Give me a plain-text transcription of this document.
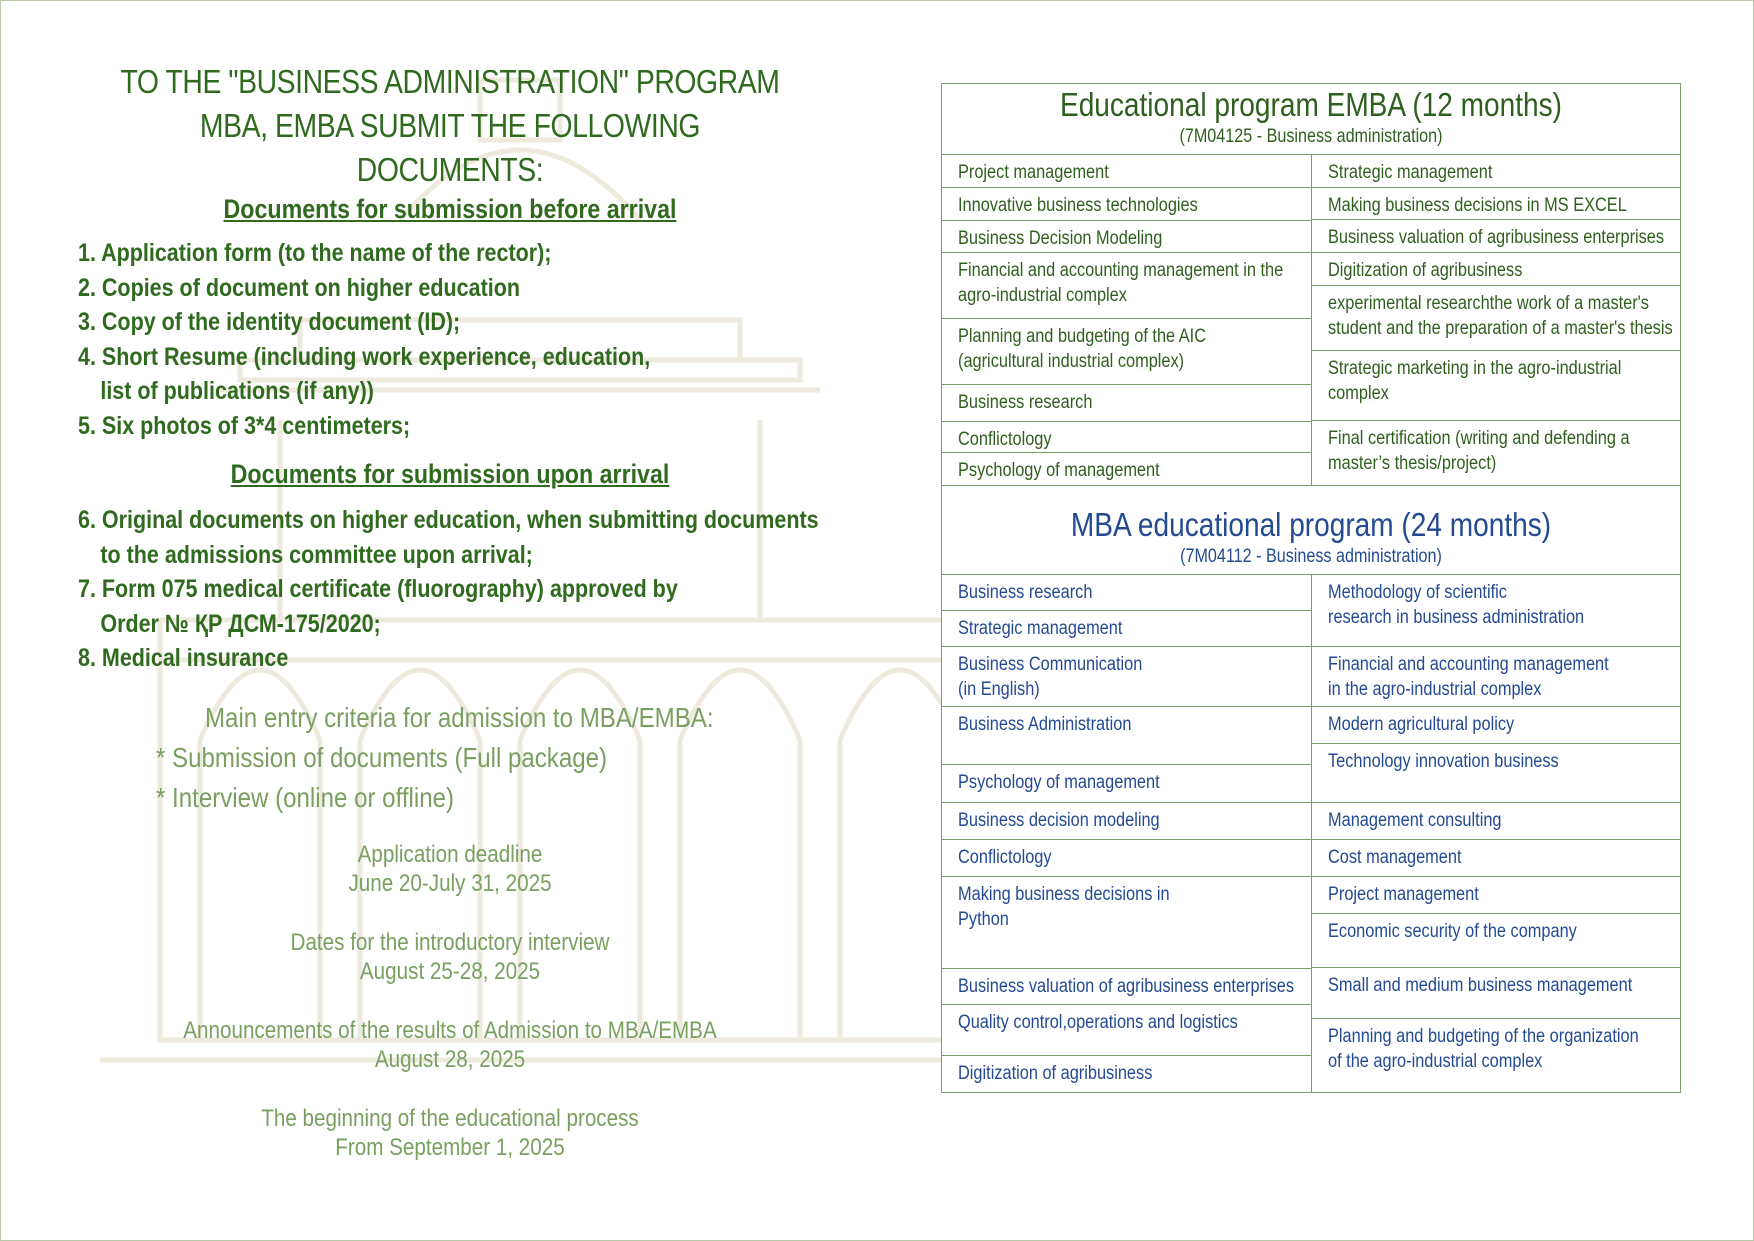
TO THE "BUSINESS ADMINISTRATION" PROGRAM
MBA, EMBA SUBMIT THE FOLLOWING DOCUMENTS:
Documents for submission before arrival
1. Application form (to the name of the rector);
2. Copies of document on higher education
3. Copy of the identity document (ID);
4. Short Resume (including work experience, education,
list of publications (if any))
5. Six photos of 3*4 centimeters;
Documents for submission upon arrival
6. Original documents on higher education, when submitting documents
to the admissions committee upon arrival;
7. Form 075 medical certificate (fluorography) approved by
Order № ҚР ДСМ-175/2020;
8. Medical insurance
Main entry criteria for admission to MBA/EMBA:
* Submission of documents (Full package)
* Interview (online or offline)
Application deadline
June 20-July 31, 2025
Dates for the introductory interview
August 25-28, 2025
Announcements of the results of Admission to MBA/EMBA
August 28, 2025
The beginning of the educational process
From September 1, 2025
Educational program EMBA (12 months)
(7M04125 - Business administration)
Project management
Innovative business technologies
Business Decision Modeling
Financial and accounting management in the
agro-industrial complex
Planning and budgeting of the AIC
(agricultural industrial complex)
Business research
Conflictology
Psychology of management
Strategic management
Making business decisions in MS EXCEL
Business valuation of agribusiness enterprises
Digitization of agribusiness
experimental researchthe work of a master's
student and the preparation of a master's thesis
Strategic marketing in the agro-industrial
complex
Final certification (writing and defending a
master’s thesis/project)
MBA educational program (24 months)
(7M04112 - Business administration)
Business research
Strategic management
Business Communication
(in English)
Business Administration
Psychology of management
Business decision modeling
Conflictology
Making business decisions in
Python
Business valuation of agribusiness enterprises
Quality control,operations and logistics
Digitization of agribusiness
Methodology of scientific
research in business administration
Financial and accounting management
in the agro-industrial complex
Modern agricultural policy
Technology innovation business
Management consulting
Cost management
Project management
Economic security of the company
Small and medium business management
Planning and budgeting of the organization
of the agro-industrial complex
